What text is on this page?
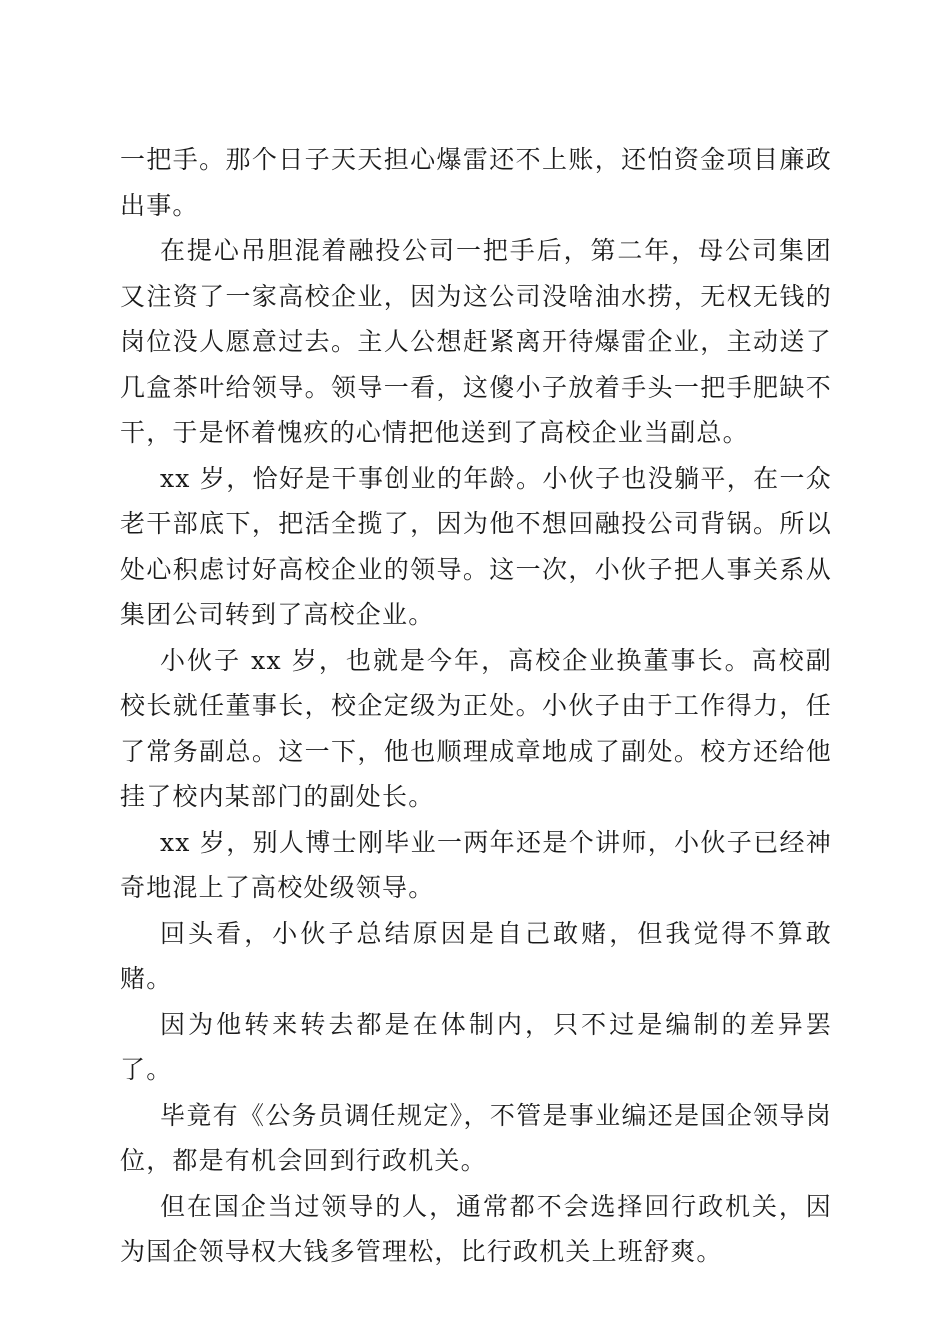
一把手。那个日子天天担心爆雷还不上账，还怕资金项目廉政出事。

在提心吊胆混着融投公司一把手后，第二年，母公司集团又注资了一家高校企业，因为这公司没啥油水捞，无权无钱的岗位没人愿意过去。主人公想赶紧离开待爆雷企业，主动送了几盒茶叶给领导。领导一看，这傻小子放着手头一把手肥缺不干，于是怀着愧疚的心情把他送到了高校企业当副总。

xx 岁，恰好是干事创业的年龄。小伙子也没躺平，在一众老干部底下，把活全揽了，因为他不想回融投公司背锅。所以处心积虑讨好高校企业的领导。这一次，小伙子把人事关系从集团公司转到了高校企业。

小伙子 xx 岁，也就是今年，高校企业换董事长。高校副校长就任董事长，校企定级为正处。小伙子由于工作得力，任了常务副总。这一下，他也顺理成章地成了副处。校方还给他挂了校内某部门的副处长。

xx 岁，别人博士刚毕业一两年还是个讲师，小伙子已经神奇地混上了高校处级领导。

回头看，小伙子总结原因是自己敢赌，但我觉得不算敢赌。

因为他转来转去都是在体制内，只不过是编制的差异罢了。

毕竟有《公务员调任规定》，不管是事业编还是国企领导岗位，都是有机会回到行政机关。

但在国企当过领导的人，通常都不会选择回行政机关，因为国企领导权大钱多管理松，比行政机关上班舒爽。
